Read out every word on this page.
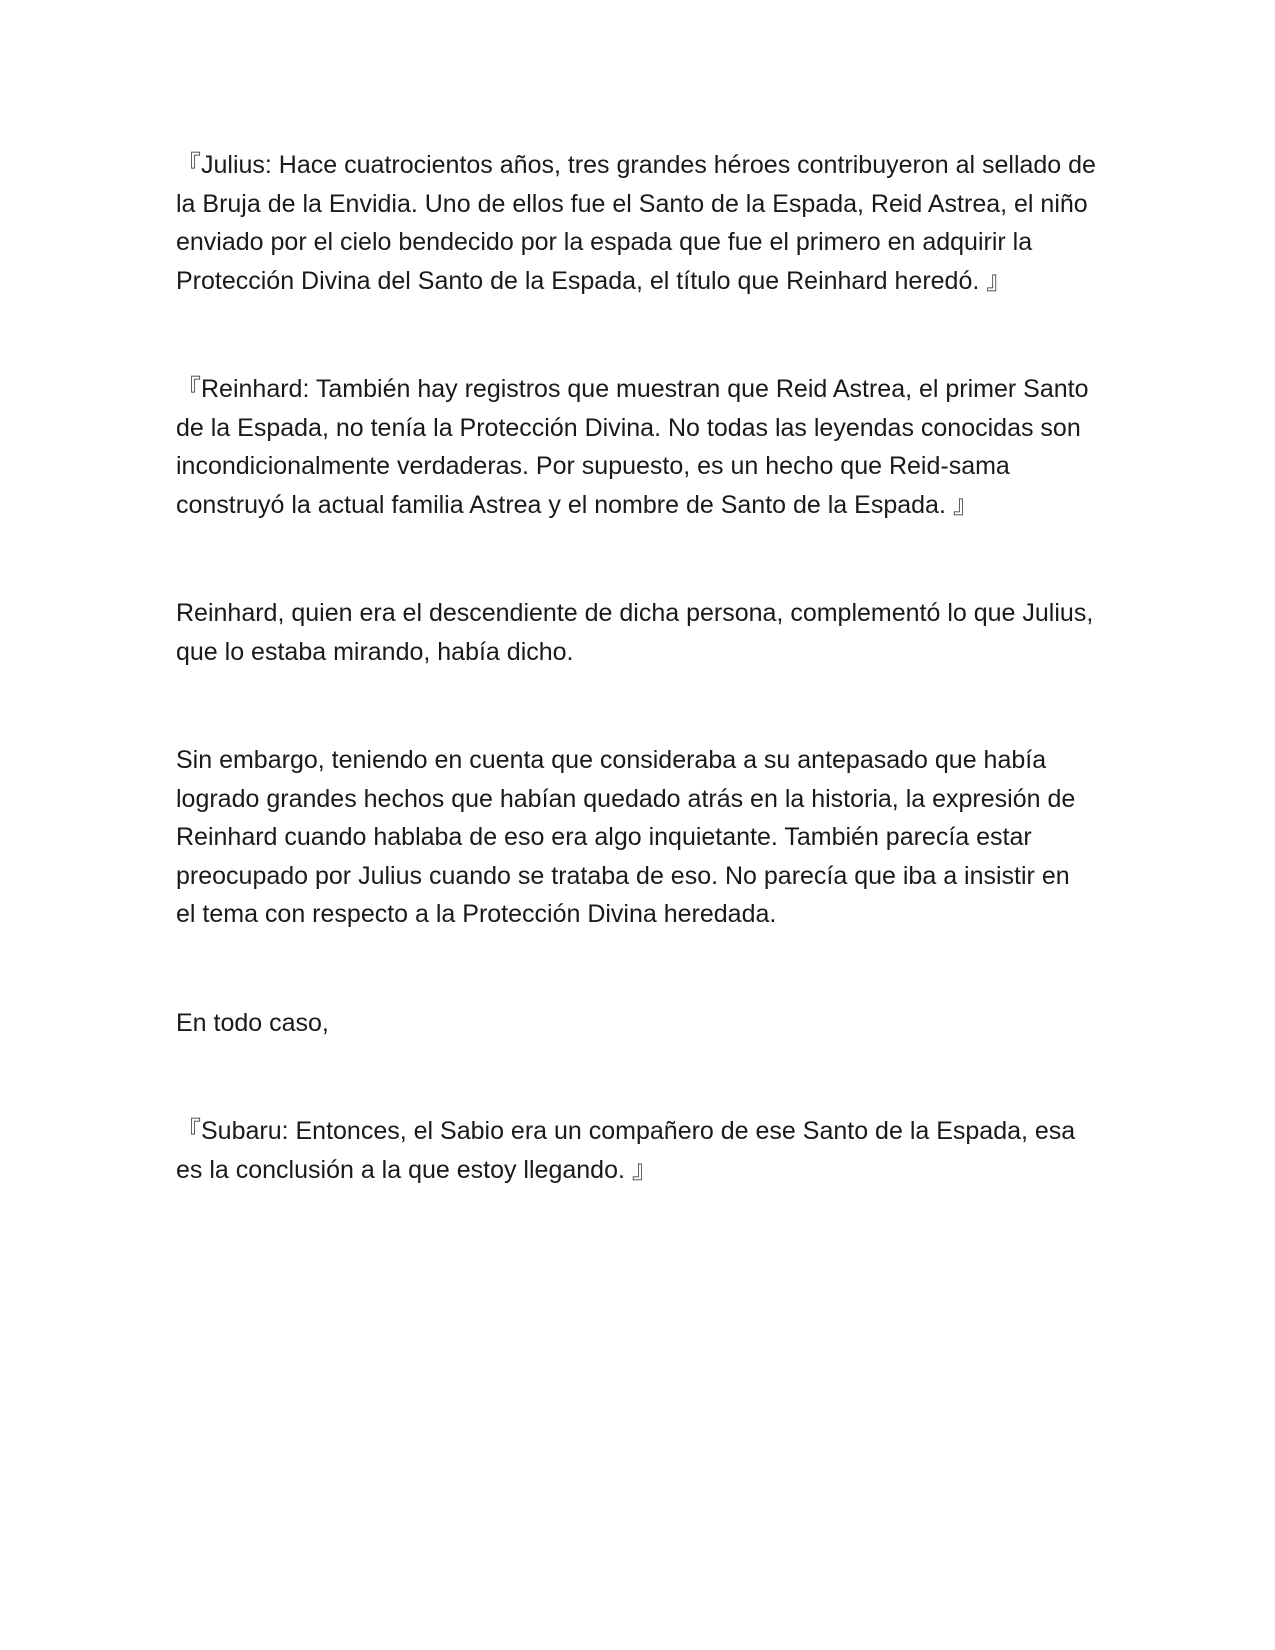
『Julius: Hace cuatrocientos años, tres grandes héroes contribuyeron al sellado de la Bruja de la Envidia. Uno de ellos fue el Santo de la Espada, Reid Astrea, el niño enviado por el cielo bendecido por la espada que fue el primero en adquirir la Protección Divina del Santo de la Espada, el título que Reinhard heredó. 』

『Reinhard: También hay registros que muestran que Reid Astrea, el primer Santo de la Espada, no tenía la Protección Divina. No todas las leyendas conocidas son incondicionalmente verdaderas. Por supuesto, es un hecho que Reid-sama construyó la actual familia Astrea y el nombre de Santo de la Espada. 』

Reinhard, quien era el descendiente de dicha persona, complementó lo que Julius, que lo estaba mirando, había dicho.

Sin embargo, teniendo en cuenta que consideraba a su antepasado que había logrado grandes hechos que habían quedado atrás en la historia, la expresión de Reinhard cuando hablaba de eso era algo inquietante. También parecía estar preocupado por Julius cuando se trataba de eso. No parecía que iba a insistir en el tema con respecto a la Protección Divina heredada.

En todo caso,

『Subaru: Entonces, el Sabio era un compañero de ese Santo de la Espada, esa es la conclusión a la que estoy llegando. 』
